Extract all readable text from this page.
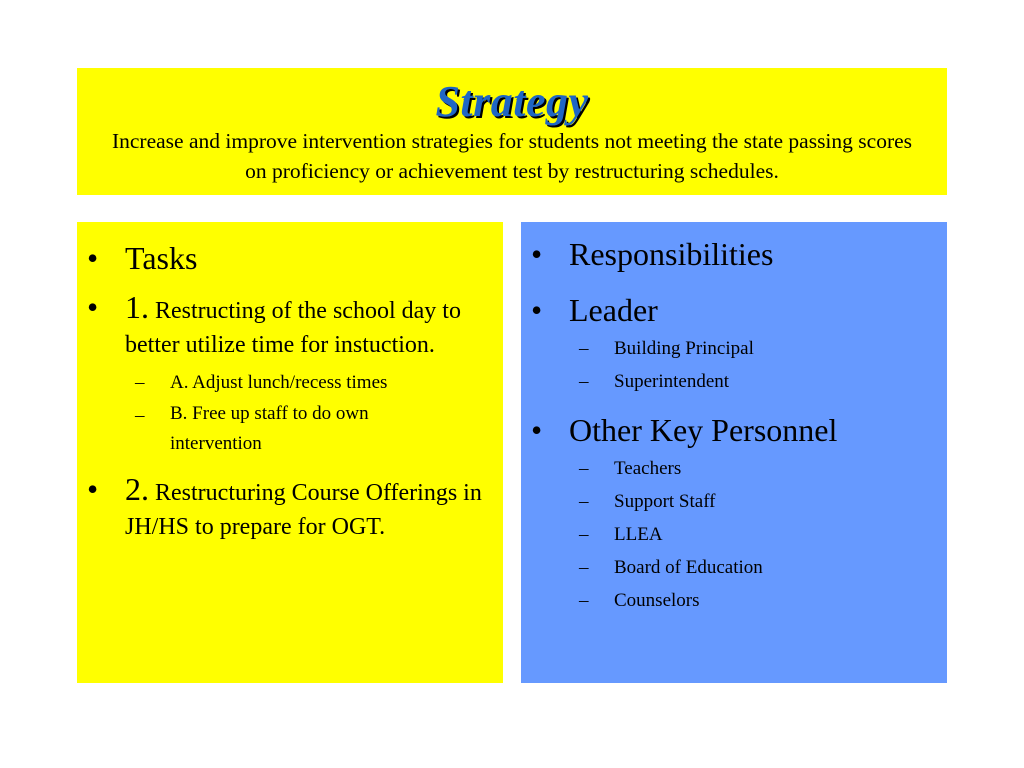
Strategy
Increase and improve intervention strategies for students not meeting the state passing scores on proficiency or achievement test by restructuring schedules.
• Tasks
• 1. Restructing of the school day to better utilize time for instuction.
– A. Adjust lunch/recess times
– B. Free up staff to do own intervention
• 2. Restructuring Course Offerings in JH/HS to prepare for OGT.
• Responsibilities
• Leader
– Building Principal
– Superintendent
• Other Key Personnel
– Teachers
– Support Staff
– LLEA
– Board of Education
– Counselors
